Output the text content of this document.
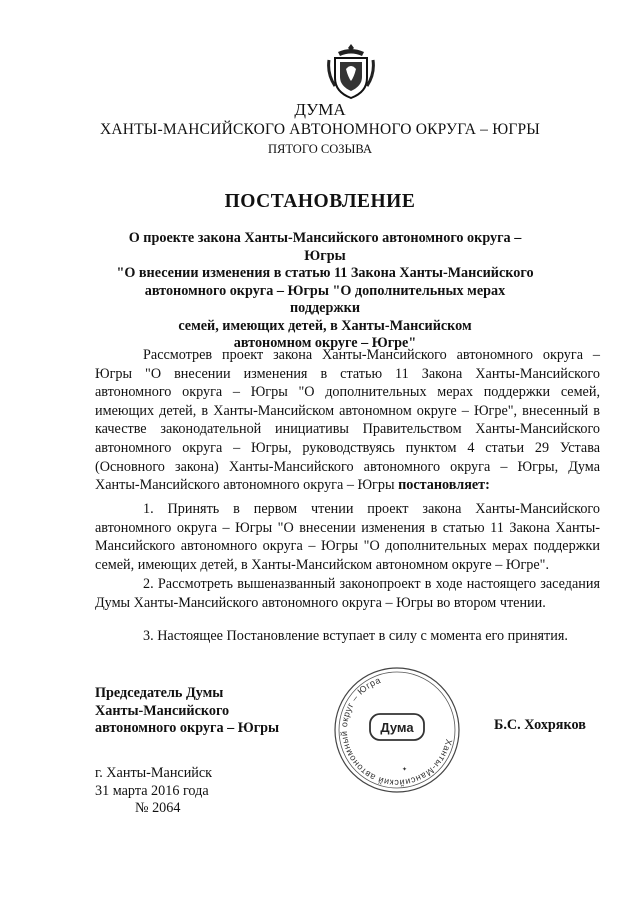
ДУМА
ХАНТЫ-МАНСИЙСКОГО АВТОНОМНОГО ОКРУГА – ЮГРЫ
ПЯТОГО СОЗЫВА
ПОСТАНОВЛЕНИЕ
О проекте закона Ханты-Мансийского автономного округа – Югры
"О внесении изменения в статью 11 Закона Ханты-Мансийского
автономного округа – Югры "О дополнительных мерах поддержки
семей, имеющих детей, в Ханты-Мансийском
автономном округе – Югре"
Рассмотрев проект закона Ханты-Мансийского автономного округа – Югры "О внесении изменения в статью 11 Закона Ханты-Мансийского автономного округа – Югры "О дополнительных мерах поддержки семей, имеющих детей, в Ханты-Мансийском автономном округе – Югре", внесенный в качестве законодательной инициативы Правительством Ханты-Мансийского автономного округа – Югры, руководствуясь пунктом 4 статьи 29 Устава (Основного закона) Ханты-Мансийского автономного округа – Югры, Дума Ханты-Мансийского автономного округа – Югры постановляет:
1. Принять в первом чтении проект закона Ханты-Мансийского автономного округа – Югры "О внесении изменения в статью 11 Закона Ханты-Мансийского автономного округа – Югры "О дополнительных мерах поддержки семей, имеющих детей, в Ханты-Мансийском автономном округе – Югре".
2. Рассмотреть вышеназванный законопроект в ходе настоящего заседания Думы Ханты-Мансийского автономного округа – Югры во втором чтении.
3. Настоящее Постановление вступает в силу с момента его принятия.
Председатель Думы
Ханты-Мансийского
автономного округа – Югры
Ханты-Мансийский автономный округ – Югра
Дума
✦
Б.С. Хохряков
г. Ханты-Мансийск
31 марта 2016 года
№ 2064
